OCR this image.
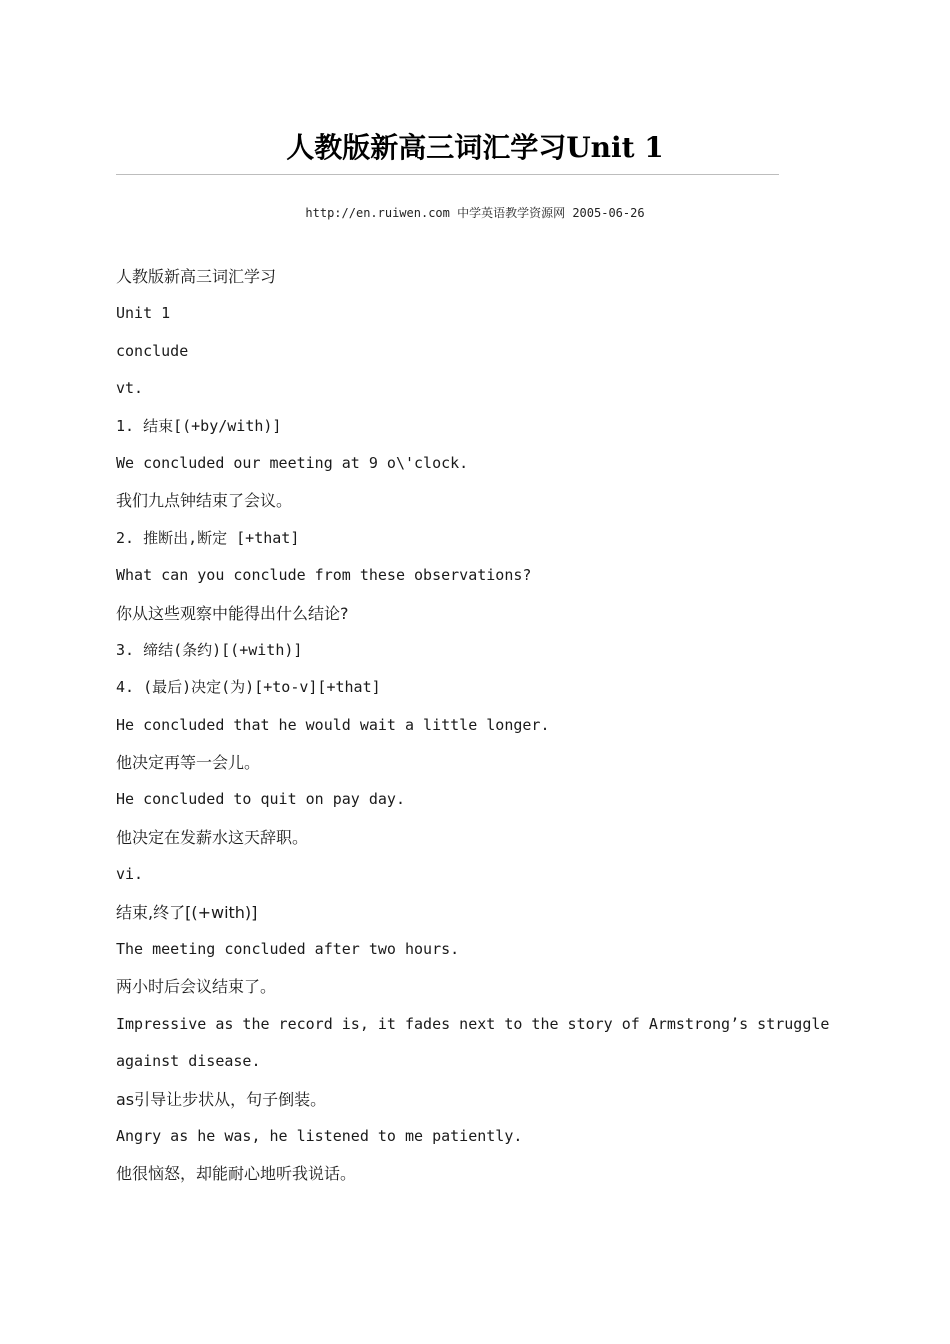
人教版新高三词汇学习Unit 1
http://en.ruiwen.com 中学英语教学资源网 2005-06-26
人教版新高三词汇学习
Unit 1
conclude
vt.
1. 结束[(+by/with)]
We concluded our meeting at 9 o\'clock.
我们九点钟结束了会议。
2. 推断出,断定 [+that]
What can you conclude from these observations?
你从这些观察中能得出什么结论?
3. 缔结(条约)[(+with)]
4. (最后)决定(为)[+to-v][+that]
He concluded that he would wait a little longer.
他决定再等一会儿。
He concluded to quit on pay day.
他决定在发薪水这天辞职。
vi.
结束,终了[(+with)]
The meeting concluded after two hours.
两小时后会议结束了。
Impressive as the record is, it fades next to the story of Armstrong’s struggle
against disease.
as引导让步状从，句子倒装。
Angry as he was, he listened to me patiently.
他很恼怒，却能耐心地听我说话。
